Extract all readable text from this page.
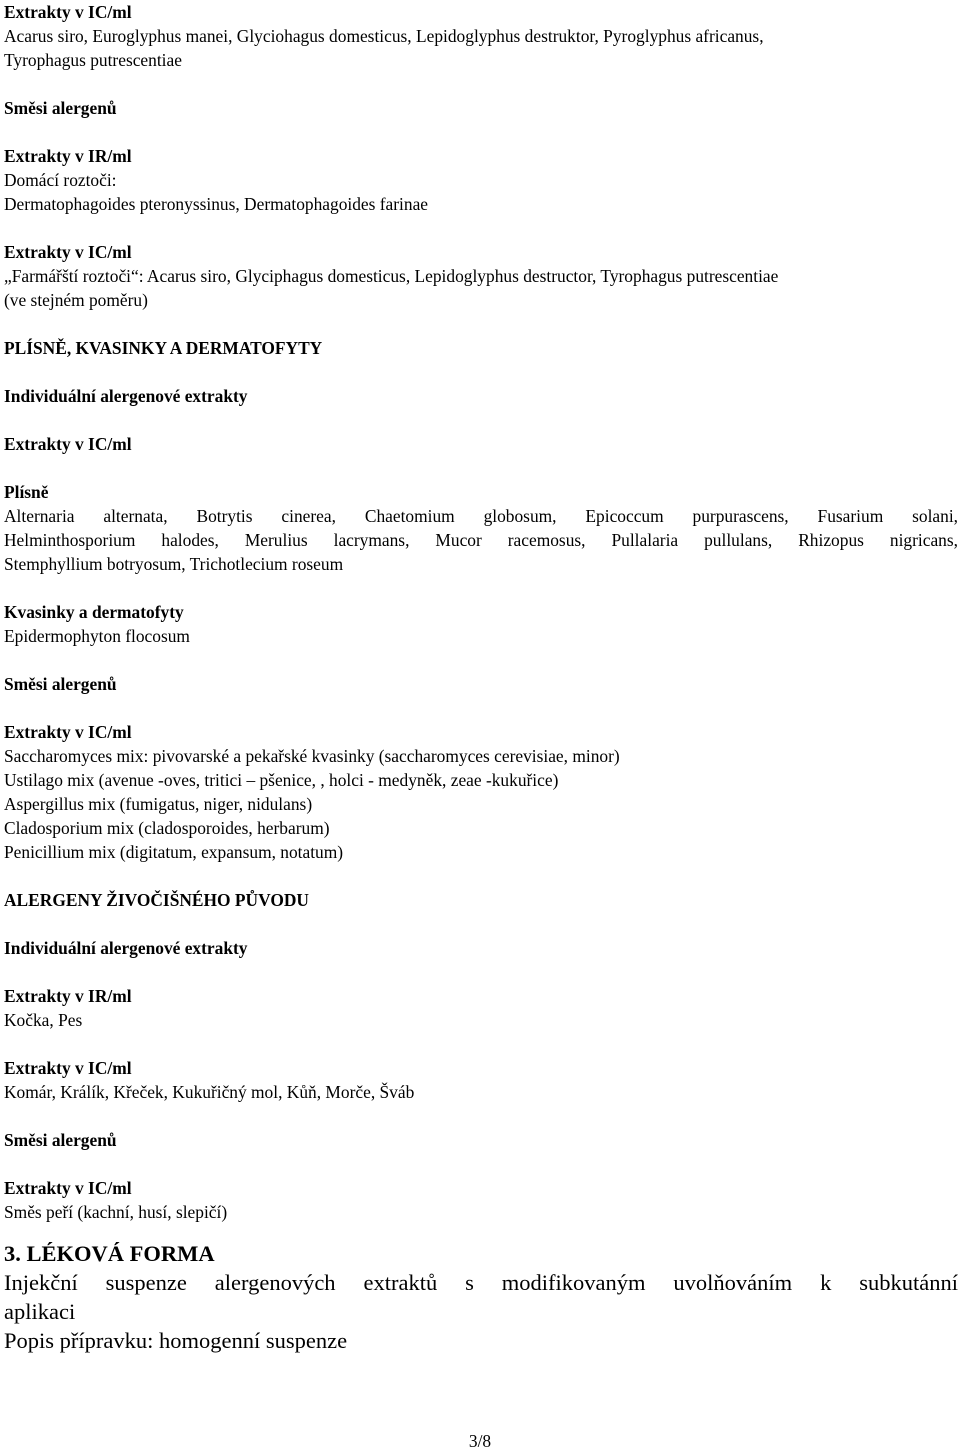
Extrakty v IC/ml

Acarus siro, Euroglyphus manei, Glyciohagus domesticus, Lepidoglyphus destruktor, Pyroglyphus africanus,

Tyrophagus putrescentiae

Směsi alergenů

Extrakty v IR/ml

Domácí roztoči:

Dermatophagoides pteronyssinus, Dermatophagoides farinae

Extrakty v IC/ml

„Farmářští roztoči“: Acarus siro, Glyciphagus domesticus, Lepidoglyphus destructor, Tyrophagus putrescentiae

(ve stejném poměru)

PLÍSNĚ, KVASINKY A DERMATOFYTY

Individuální alergenové extrakty

Extrakty v IC/ml

Plísně

Alternaria alternata, Botrytis cinerea, Chaetomium globosum, Epicoccum purpurascens, Fusarium solani,

Helminthosporium halodes, Merulius lacrymans, Mucor racemosus, Pullalaria pullulans, Rhizopus nigricans,

Stemphyllium botryosum, Trichotlecium roseum

Kvasinky a dermatofyty

Epidermophyton flocosum

Směsi alergenů

Extrakty v IC/ml

Saccharomyces mix: pivovarské a pekařské kvasinky (saccharomyces cerevisiae, minor)

Ustilago mix (avenue -oves, tritici – pšenice, , holci - medyněk, zeae -kukuřice)

Aspergillus mix (fumigatus, niger, nidulans)

Cladosporium mix (cladosporoides, herbarum)

Penicillium mix (digitatum, expansum, notatum)

ALERGENY ŽIVOČIŠNÉHO PŮVODU

Individuální alergenové extrakty

Extrakty v IR/ml

Kočka, Pes

Extrakty v IC/ml

Komár, Králík, Křeček, Kukuřičný mol, Kůň, Morče, Šváb

Směsi alergenů

Extrakty v IC/ml

Směs peří (kachní, husí, slepičí)

3. LÉKOVÁ FORMA

Injekční suspenze alergenových extraktů s modifikovaným uvolňováním k subkutánní

aplikaci

Popis přípravku: homogenní suspenze

3/8
